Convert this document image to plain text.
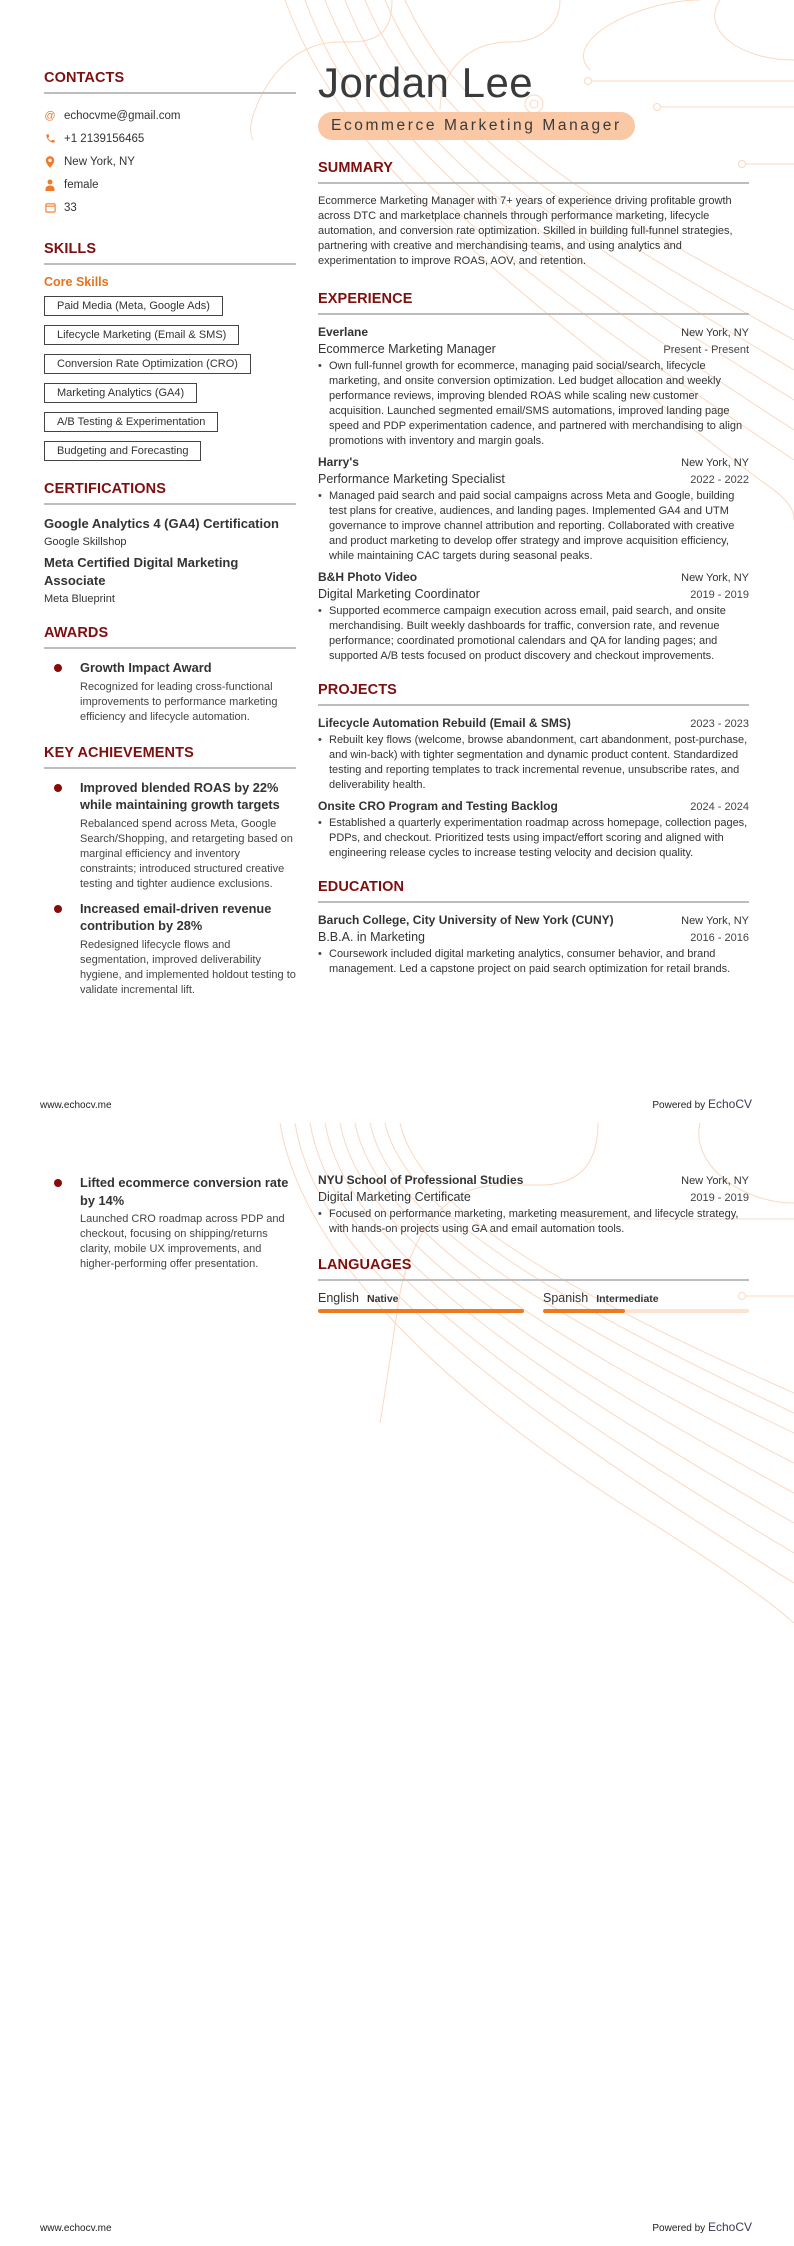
CONTACTS
@ echocvme@gmail.com
+1 2139156465
New York, NY
female
33
SKILLS
Core Skills
Paid Media (Meta, Google Ads)
Lifecycle Marketing (Email & SMS)
Conversion Rate Optimization (CRO)
Marketing Analytics (GA4)
A/B Testing & Experimentation
Budgeting and Forecasting
CERTIFICATIONS
Google Analytics 4 (GA4) Certification
Google Skillshop
Meta Certified Digital Marketing Associate
Meta Blueprint
AWARDS
Growth Impact Award
Recognized for leading cross-functional improvements to performance marketing efficiency and lifecycle automation.
KEY ACHIEVEMENTS
Improved blended ROAS by 22% while maintaining growth targets
Rebalanced spend across Meta, Google Search/Shopping, and retargeting based on marginal efficiency and inventory constraints; introduced structured creative testing and tighter audience exclusions.
Increased email-driven revenue contribution by 28%
Redesigned lifecycle flows and segmentation, improved deliverability hygiene, and implemented holdout testing to validate incremental lift.
Jordan Lee
Ecommerce Marketing Manager
SUMMARY
Ecommerce Marketing Manager with 7+ years of experience driving profitable growth across DTC and marketplace channels through performance marketing, lifecycle automation, and conversion rate optimization. Skilled in building full-funnel strategies, partnering with creative and merchandising teams, and using analytics and experimentation to improve ROAS, AOV, and retention.
EXPERIENCE
Everlane	New York, NY
Ecommerce Marketing Manager	Present - Present
• Own full-funnel growth for ecommerce, managing paid social/search, lifecycle marketing, and onsite conversion optimization. Led budget allocation and weekly performance reviews, improving blended ROAS while scaling new customer acquisition. Launched segmented email/SMS automations, improved landing page speed and PDP experimentation cadence, and partnered with merchandising to align promotions with inventory and margin goals.
Harry's	New York, NY
Performance Marketing Specialist	2022 - 2022
• Managed paid search and paid social campaigns across Meta and Google, building test plans for creative, audiences, and landing pages. Implemented GA4 and UTM governance to improve channel attribution and reporting. Collaborated with creative and product marketing to develop offer strategy and improve acquisition efficiency, while maintaining CAC targets during seasonal peaks.
B&H Photo Video	New York, NY
Digital Marketing Coordinator	2019 - 2019
• Supported ecommerce campaign execution across email, paid search, and onsite merchandising. Built weekly dashboards for traffic, conversion rate, and revenue performance; coordinated promotional calendars and QA for landing pages; and supported A/B tests focused on product discovery and checkout improvements.
PROJECTS
Lifecycle Automation Rebuild (Email & SMS)	2023 - 2023
• Rebuilt key flows (welcome, browse abandonment, cart abandonment, post-purchase, and win-back) with tighter segmentation and dynamic product content. Standardized testing and reporting templates to track incremental revenue, unsubscribe rates, and deliverability health.
Onsite CRO Program and Testing Backlog	2024 - 2024
• Established a quarterly experimentation roadmap across homepage, collection pages, PDPs, and checkout. Prioritized tests using impact/effort scoring and aligned with engineering release cycles to increase testing velocity and decision quality.
EDUCATION
Baruch College, City University of New York (CUNY)	New York, NY
B.B.A. in Marketing	2016 - 2016
• Coursework included digital marketing analytics, consumer behavior, and brand management. Led a capstone project on paid search optimization for retail brands.
www.echocv.me	Powered by EchoCV
Lifted ecommerce conversion rate by 14%
Launched CRO roadmap across PDP and checkout, focusing on shipping/returns clarity, mobile UX improvements, and higher-performing offer presentation.
NYU School of Professional Studies	New York, NY
Digital Marketing Certificate	2019 - 2019
• Focused on performance marketing, marketing measurement, and lifecycle strategy, with hands-on projects using GA and email automation tools.
LANGUAGES
English Native	Spanish Intermediate
www.echocv.me	Powered by EchoCV
